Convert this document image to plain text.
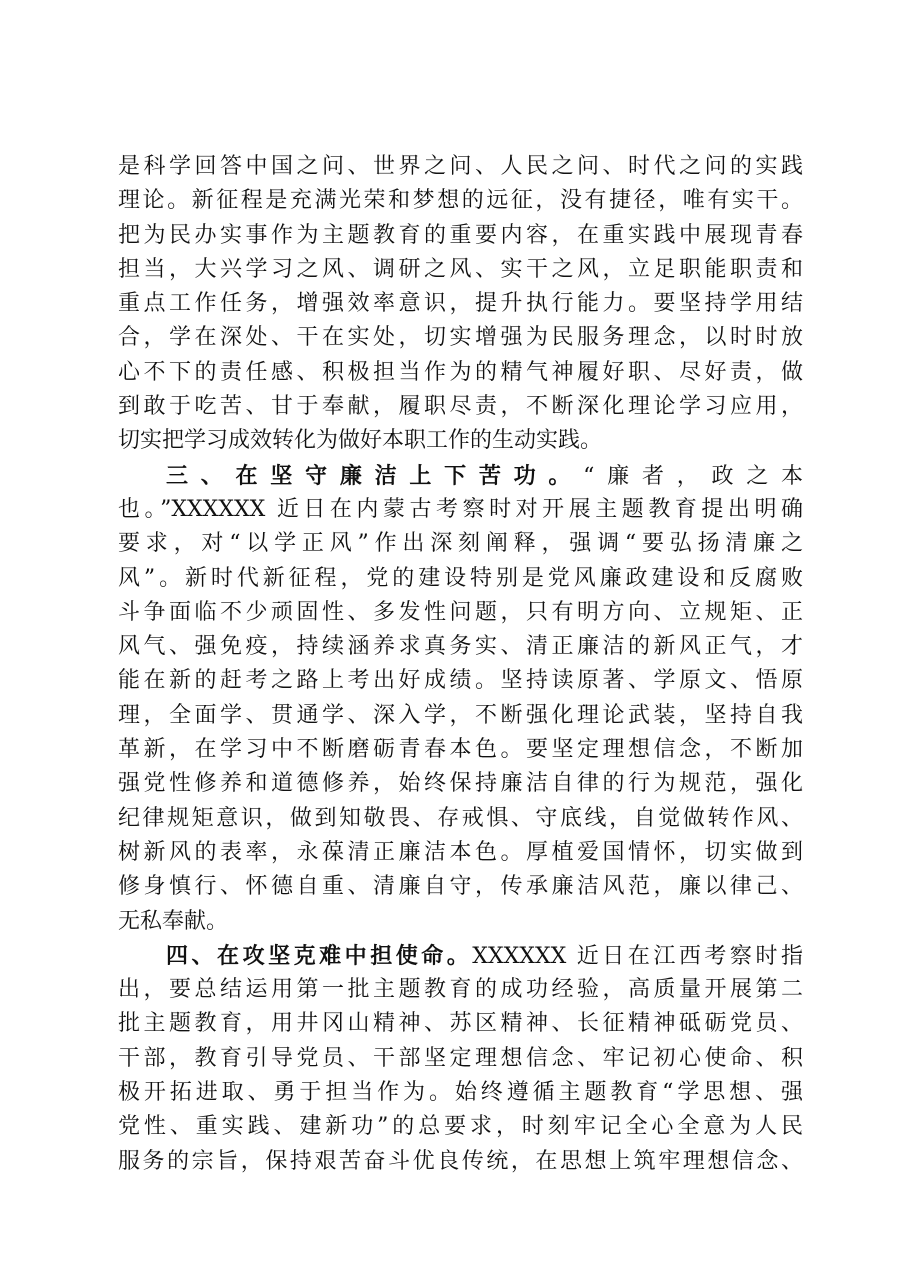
是科学回答中国之问、世界之问、人民之问、时代之问的实践
理论。新征程是充满光荣和梦想的远征，没有捷径，唯有实干。
把为民办实事作为主题教育的重要内容，在重实践中展现青春
担当，大兴学习之风、调研之风、实干之风，立足职能职责和
重点工作任务，增强效率意识，提升执行能力。要坚持学用结
合，学在深处、干在实处，切实增强为民服务理念，以时时放
心不下的责任感、积极担当作为的精气神履好职、尽好责，做
到敢于吃苦、甘于奉献，履职尽责，不断深化理论学习应用，
切实把学习成效转化为做好本职工作的生动实践。
三、在坚守廉洁上下苦功。“廉者，政之本
也。”XXXXXX 近日在内蒙古考察时对开展主题教育提出明确
要求，对“以学正风”作出深刻阐释，强调“要弘扬清廉之
风”。新时代新征程，党的建设特别是党风廉政建设和反腐败
斗争面临不少顽固性、多发性问题，只有明方向、立规矩、正
风气、强免疫，持续涵养求真务实、清正廉洁的新风正气，才
能在新的赶考之路上考出好成绩。坚持读原著、学原文、悟原
理，全面学、贯通学、深入学，不断强化理论武装，坚持自我
革新，在学习中不断磨砺青春本色。要坚定理想信念，不断加
强党性修养和道德修养，始终保持廉洁自律的行为规范，强化
纪律规矩意识，做到知敬畏、存戒惧、守底线，自觉做转作风、
树新风的表率，永葆清正廉洁本色。厚植爱国情怀，切实做到
修身慎行、怀德自重、清廉自守，传承廉洁风范，廉以律己、
无私奉献。
四、在攻坚克难中担使命。XXXXXX 近日在江西考察时指
出，要总结运用第一批主题教育的成功经验，高质量开展第二
批主题教育，用井冈山精神、苏区精神、长征精神砥砺党员、
干部，教育引导党员、干部坚定理想信念、牢记初心使命、积
极开拓进取、勇于担当作为。始终遵循主题教育“学思想、强
党性、重实践、建新功”的总要求，时刻牢记全心全意为人民
服务的宗旨，保持艰苦奋斗优良传统，在思想上筑牢理想信念、
